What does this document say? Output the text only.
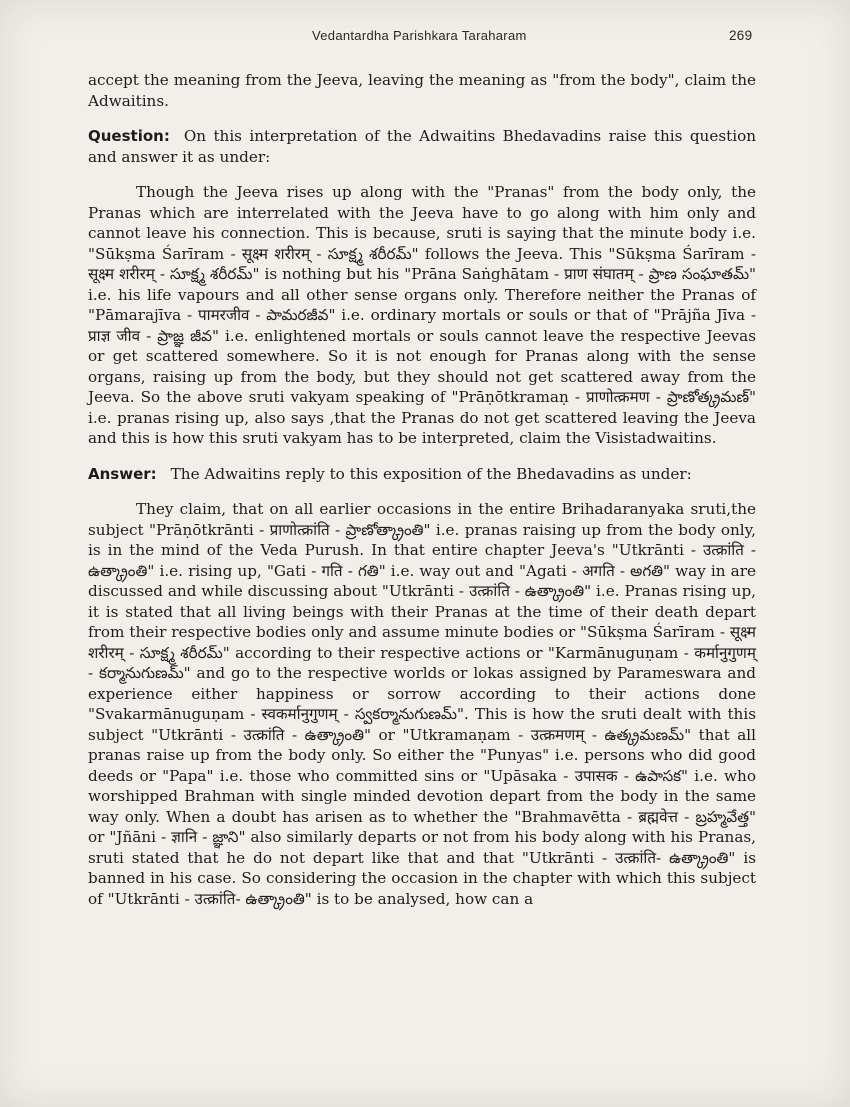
Vedantardha Parishkara Taraharam	269

accept the meaning from the Jeeva, leaving the meaning as "from the body", claim the Adwaitins.

Question: On this interpretation of the Adwaitins Bhedavadins raise this question and answer it as under:

Though the Jeeva rises up along with the "Pranas" from the body only, the Pranas which are interrelated with the Jeeva have to go along with him only and cannot leave his connection. This is because, sruti is saying that the minute body i.e. "Sūkṣma Śarīram - सूक्ष्म शरीरम् - సూక్ష్మ శరీరమ్" follows the Jeeva. This "Sūkṣma Śarīram - सूक्ष्म शरीरम् - సూక్ష్మ శరీరమ్" is nothing but his "Prāna Saṅghātam - प्राण संघातम् - ప్రాణ సంఘాతమ్" i.e. his life vapours and all other sense organs only. Therefore neither the Pranas of "Pāmarajīva - पामरजीव - పామరజీవ" i.e. ordinary mortals or souls or that of "Prājña Jīva - प्राज्ञ जीव - ప్రాజ్ఞ జీవ" i.e. enlightened mortals or souls cannot leave the respective Jeevas or get scattered somewhere. So it is not enough for Pranas along with the sense organs, raising up from the body, but they should not get scattered away from the Jeeva. So the above sruti vakyam speaking of "Prāṇōtkramaṇ - प्राणोत्क्रमण - ప్రాణోత్క్రమణ్" i.e. pranas rising up, also says ,that the Pranas do not get scattered leaving the Jeeva and this is how this sruti vakyam has to be interpreted, claim the Visistadwaitins.

Answer: The Adwaitins reply to this exposition of the Bhedavadins as under:

They claim, that on all earlier occasions in the entire Brihadaranyaka sruti,the subject "Prāṇōtkrānti - प्राणोत्क्रांति - ప్రాణోత్క్రాంతి" i.e. pranas raising up from the body only, is in the mind of the Veda Purush. In that entire chapter Jeeva's "Utkrānti - उत्क्रांति - ఉత్క్రాంతి" i.e. rising up, "Gati - गति - గతి" i.e. way out and "Agati - अगति - అగతి" way in are discussed and while discussing about "Utkrānti - उत्क्रांति - ఉత్క్రాంతి" i.e. Pranas rising up, it is stated that all living beings with their Pranas at the time of their death depart from their respective bodies only and assume minute bodies or "Sūkṣma Śarīram - सूक्ष्म शरीरम् - సూక్ష్మ శరీరమ్" according to their respective actions or "Karmānuguṇam - कर्मानुगुणम् - కర్మానుగుణమ్" and go to the respective worlds or lokas assigned by Parameswara and experience either happiness or sorrow according to their actions done "Svakarmānuguṇam - स्वकर्मानुगुणम् - స్వకర్మానుగుణమ్". This is how the sruti dealt with this subject "Utkrānti - उत्क्रांति - ఉత్క్రాంతి" or "Utkramaṇam - उत्क्रमणम् - ఉత్క్రమణమ్" that all pranas raise up from the body only. So either the "Punyas" i.e. persons who did good deeds or "Papa" i.e. those who committed sins or "Upāsaka - उपासक - ఉపాసక" i.e. who worshipped Brahman with single minded devotion depart from the body in the same way only. When a doubt has arisen as to whether the "Brahmavētta - ब्रह्मवेत्त - బ్రహ్మవేత్త" or "Jñāni - ज्ञानि - జ్ఞాని" also similarly departs or not from his body along with his Pranas, sruti stated that he do not depart like that and that "Utkrānti - उत्क्रांति- ఉత్క్రాంతి" is banned in his case. So considering the occasion in the chapter with which this subject of "Utkrānti - उत्क्रांति- ఉత్క్రాంతి" is to be analysed, how can a
